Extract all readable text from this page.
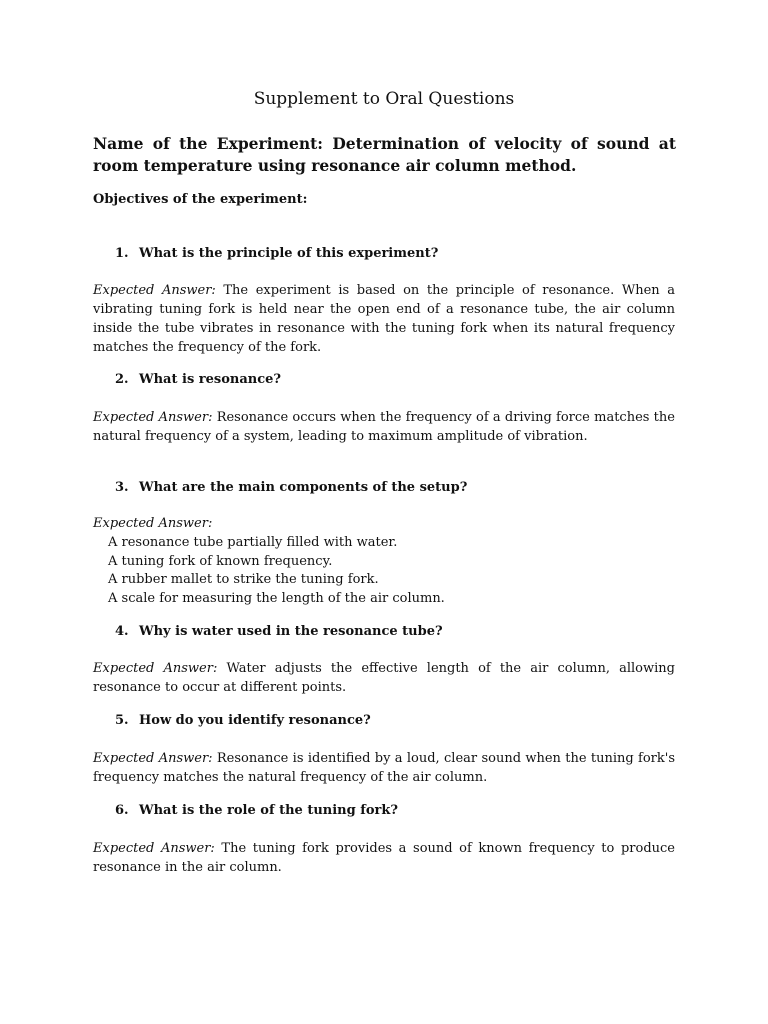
Supplement to Oral Questions

Name of the Experiment: Determination of velocity of sound at room temperature using resonance air column method.

Objectives of the experiment:

1. What is the principle of this experiment?

Expected Answer: The experiment is based on the principle of resonance. When a vibrating tuning fork is held near the open end of a resonance tube, the air column inside the tube vibrates in resonance with the tuning fork when its natural frequency matches the frequency of the fork.

2. What is resonance?

Expected Answer: Resonance occurs when the frequency of a driving force matches the natural frequency of a system, leading to maximum amplitude of vibration.

3. What are the main components of the setup?

Expected Answer:

A resonance tube partially filled with water.
A tuning fork of known frequency.
A rubber mallet to strike the tuning fork.
A scale for measuring the length of the air column.

4. Why is water used in the resonance tube?

Expected Answer: Water adjusts the effective length of the air column, allowing resonance to occur at different points.

5. How do you identify resonance?

Expected Answer: Resonance is identified by a loud, clear sound when the tuning fork's frequency matches the natural frequency of the air column.

6. What is the role of the tuning fork?

Expected Answer: The tuning fork provides a sound of known frequency to produce resonance in the air column.
